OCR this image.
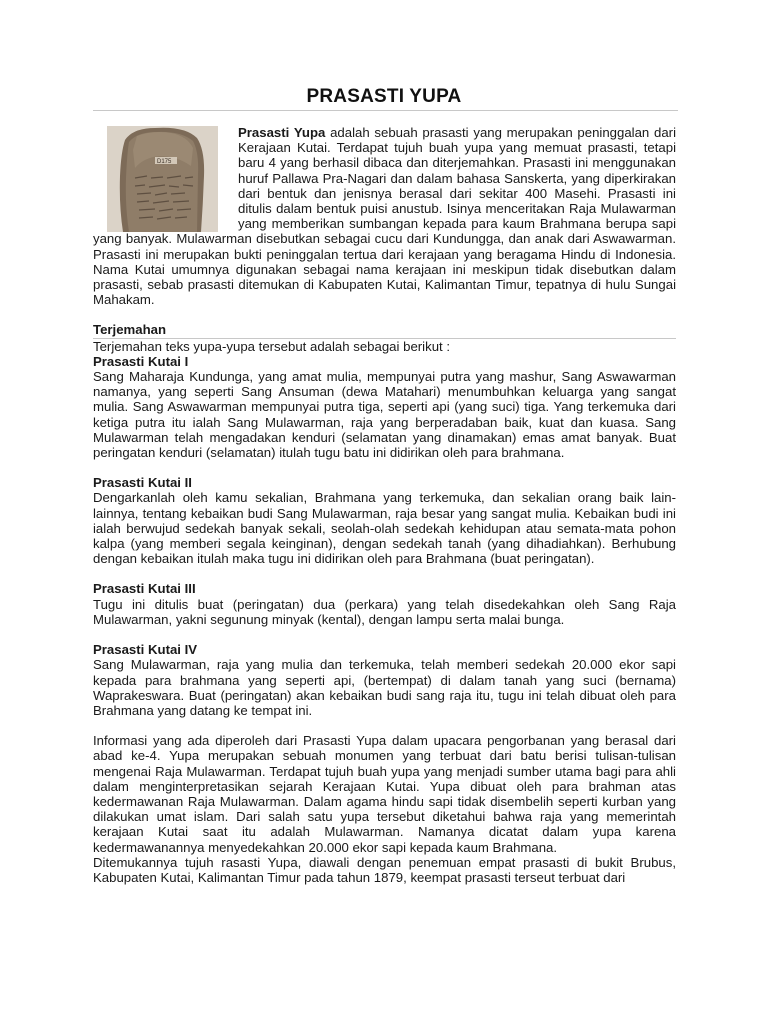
PRASASTI YUPA
D175

Prasasti Yupa adalah sebuah prasasti yang merupakan peninggalan dari Kerajaan Kutai. Terdapat tujuh buah yupa yang memuat prasasti, tetapi baru 4 yang berhasil dibaca dan diterjemahkan. Prasasti ini menggunakan huruf Pallawa Pra-Nagari dan dalam bahasa Sanskerta, yang diperkirakan dari bentuk dan jenisnya berasal dari sekitar 400 Masehi. Prasasti ini ditulis dalam bentuk puisi anustub. Isinya menceritakan Raja Mulawarman yang memberikan sumbangan kepada para kaum Brahmana berupa sapi yang banyak. Mulawarman disebutkan sebagai cucu dari Kundungga, dan anak dari Aswawarman. Prasasti ini merupakan bukti peninggalan tertua dari kerajaan yang beragama Hindu di Indonesia. Nama Kutai umumnya digunakan sebagai nama kerajaan ini meskipun tidak disebutkan dalam prasasti, sebab prasasti ditemukan di Kabupaten Kutai, Kalimantan Timur, tepatnya di hulu Sungai Mahakam.

Terjemahan

Terjemahan teks yupa-yupa tersebut adalah sebagai berikut :

Prasasti Kutai I

Sang Maharaja Kundunga, yang amat mulia, mempunyai putra yang mashur, Sang Aswawarman namanya, yang seperti Sang Ansuman (dewa Matahari) menumbuhkan keluarga yang sangat mulia. Sang Aswawarman mempunyai putra tiga, seperti api (yang suci) tiga. Yang terkemuka dari ketiga putra itu ialah Sang Mulawarman, raja yang berperadaban baik, kuat dan kuasa. Sang Mulawarman telah mengadakan kenduri (selamatan yang dinamakan) emas amat banyak. Buat peringatan kenduri (selamatan) itulah tugu batu ini didirikan oleh para brahmana.

Prasasti Kutai II

Dengarkanlah oleh kamu sekalian, Brahmana yang terkemuka, dan sekalian orang baik lain-lainnya, tentang kebaikan budi Sang Mulawarman, raja besar yang sangat mulia. Kebaikan budi ini ialah berwujud sedekah banyak sekali, seolah-olah sedekah kehidupan atau semata-mata pohon kalpa (yang memberi segala keinginan), dengan sedekah tanah (yang dihadiahkan). Berhubung dengan kebaikan itulah maka tugu ini didirikan oleh para Brahmana (buat peringatan).

Prasasti Kutai III

Tugu ini ditulis buat (peringatan) dua (perkara) yang telah disedekahkan oleh Sang Raja Mulawarman, yakni segunung minyak (kental), dengan lampu serta malai bunga.

Prasasti Kutai IV

Sang Mulawarman, raja yang mulia dan terkemuka, telah memberi sedekah 20.000 ekor sapi kepada para brahmana yang seperti api, (bertempat) di dalam tanah yang suci (bernama) Waprakeswara. Buat (peringatan) akan kebaikan budi sang raja itu, tugu ini telah dibuat oleh para Brahmana yang datang ke tempat ini.

Informasi yang ada diperoleh dari Prasasti Yupa dalam upacara pengorbanan yang berasal dari abad ke-4. Yupa merupakan sebuah monumen yang terbuat dari batu berisi tulisan-tulisan mengenai Raja Mulawarman. Terdapat tujuh buah yupa yang menjadi sumber utama bagi para ahli dalam menginterpretasikan sejarah Kerajaan Kutai. Yupa dibuat oleh para brahman atas kedermawanan Raja Mulawarman. Dalam agama hindu sapi tidak disembelih seperti kurban yang dilakukan umat islam. Dari salah satu yupa tersebut diketahui bahwa raja yang memerintah kerajaan Kutai saat itu adalah Mulawarman. Namanya dicatat dalam yupa karena kedermawanannya menyedekahkan 20.000 ekor sapi kepada kaum Brahmana.

Ditemukannya tujuh rasasti Yupa, diawali dengan penemuan empat prasasti di bukit Brubus, Kabupaten Kutai, Kalimantan Timur pada tahun 1879, keempat prasasti terseut terbuat dari
